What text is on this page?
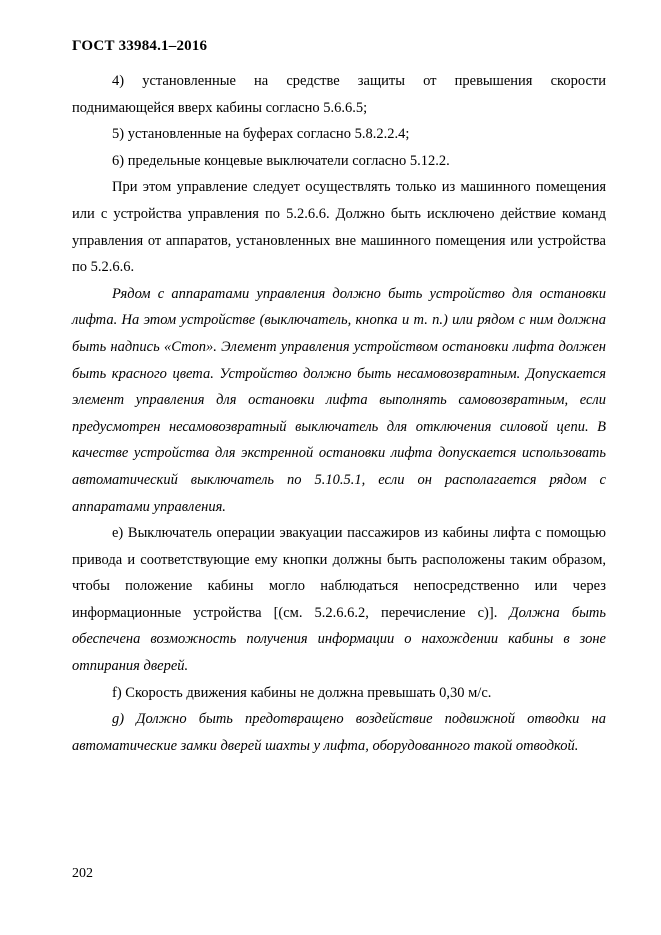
ГОСТ 33984.1–2016

4) установленные на средстве защиты от превышения скорости поднимающейся вверх кабины согласно 5.6.6.5;

5) установленные на буферах согласно 5.8.2.2.4;

6) предельные концевые выключатели согласно 5.12.2.

При этом управление следует осуществлять только из машинного помещения или с устройства управления по 5.2.6.6. Должно быть исключено действие команд управления от аппаратов, установленных вне машинного помещения или устройства по 5.2.6.6.

Рядом с аппаратами управления должно быть устройство для остановки лифта. На этом устройстве (выключатель, кнопка и т. п.) или рядом с ним должна быть надпись «Стоп». Элемент управления устройством остановки лифта должен быть красного цвета. Устройство должно быть несамовозвратным. Допускается элемент управления для остановки лифта выполнять самовозвратным, если предусмотрен несамовозвратный выключатель для отключения силовой цепи. В качестве устройства для экстренной остановки лифта допускается использовать автоматический выключатель по 5.10.5.1, если он располагается рядом с аппаратами управления.

е) Выключатель операции эвакуации пассажиров из кабины лифта с помощью привода и соответствующие ему кнопки должны быть расположены таким образом, чтобы положение кабины могло наблюдаться непосредственно или через информационные устройства [(см. 5.2.6.6.2, перечисление с)]. Должна быть обеспечена возможность получения информации о нахождении кабины в зоне отпирания дверей.

f) Скорость движения кабины не должна превышать 0,30 м/с.

g) Должно быть предотвращено воздействие подвижной отводки на автоматические замки дверей шахты у лифта, оборудованного такой отводкой.

202
